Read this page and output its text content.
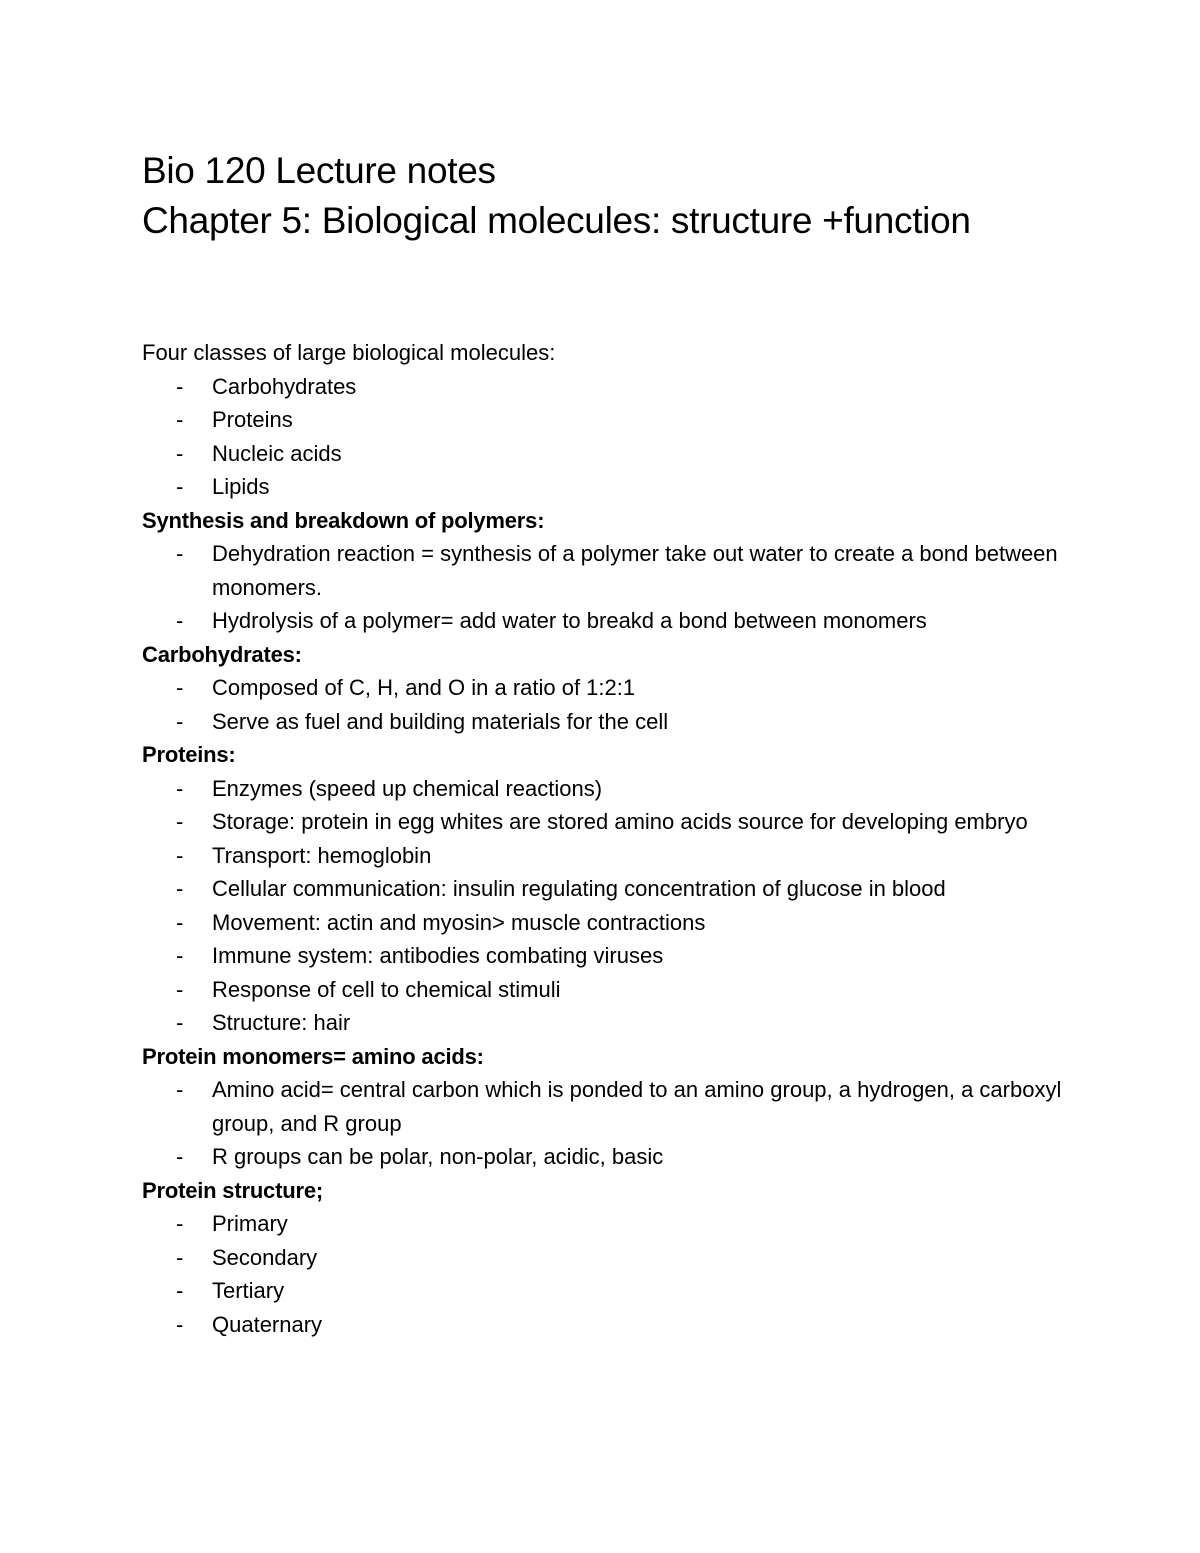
Bio 120 Lecture notes
Chapter 5: Biological molecules: structure +function
Four classes of large biological molecules:
- Carbohydrates
- Proteins
- Nucleic acids
- Lipids
Synthesis and breakdown of polymers:
- Dehydration reaction = synthesis of a polymer take out water to create a bond between monomers.
- Hydrolysis of a polymer= add water to breakd a bond between monomers
Carbohydrates:
- Composed of C, H, and O in a ratio of 1:2:1
- Serve as fuel and building materials for the cell
Proteins:
- Enzymes (speed up chemical reactions)
- Storage: protein in egg whites are stored amino acids source for developing embryo
- Transport: hemoglobin
- Cellular communication: insulin regulating concentration of glucose in blood
- Movement: actin and myosin> muscle contractions
- Immune system: antibodies combating viruses
- Response of cell to chemical stimuli
- Structure: hair
Protein monomers= amino acids:
- Amino acid= central carbon which is ponded to an amino group, a hydrogen, a carboxyl group, and R group
- R groups can be polar, non-polar, acidic, basic
Protein structure;
- Primary
- Secondary
- Tertiary
- Quaternary
